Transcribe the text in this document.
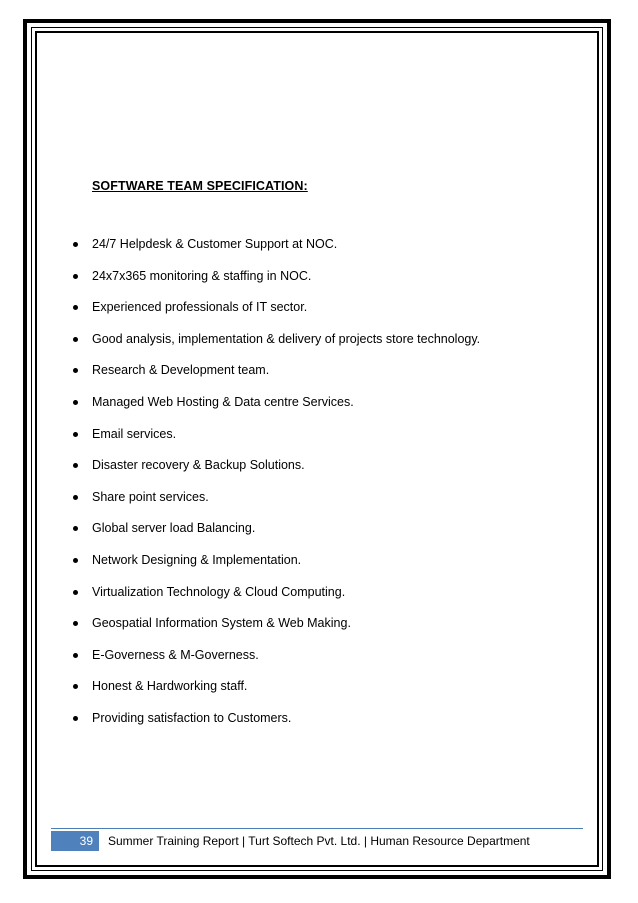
SOFTWARE TEAM SPECIFICATION:
24/7 Helpdesk & Customer Support at NOC.
24x7x365 monitoring & staffing in NOC.
Experienced professionals of IT sector.
Good analysis, implementation & delivery of projects store technology.
Research & Development team.
Managed Web Hosting & Data centre Services.
Email services.
Disaster recovery & Backup Solutions.
Share point services.
Global server load Balancing.
Network Designing & Implementation.
Virtualization Technology & Cloud Computing.
Geospatial Information System & Web Making.
E-Governess & M-Governess.
Honest & Hardworking staff.
Providing satisfaction to Customers.
39	Summer Training Report | Turt Softech Pvt. Ltd. | Human Resource Department
